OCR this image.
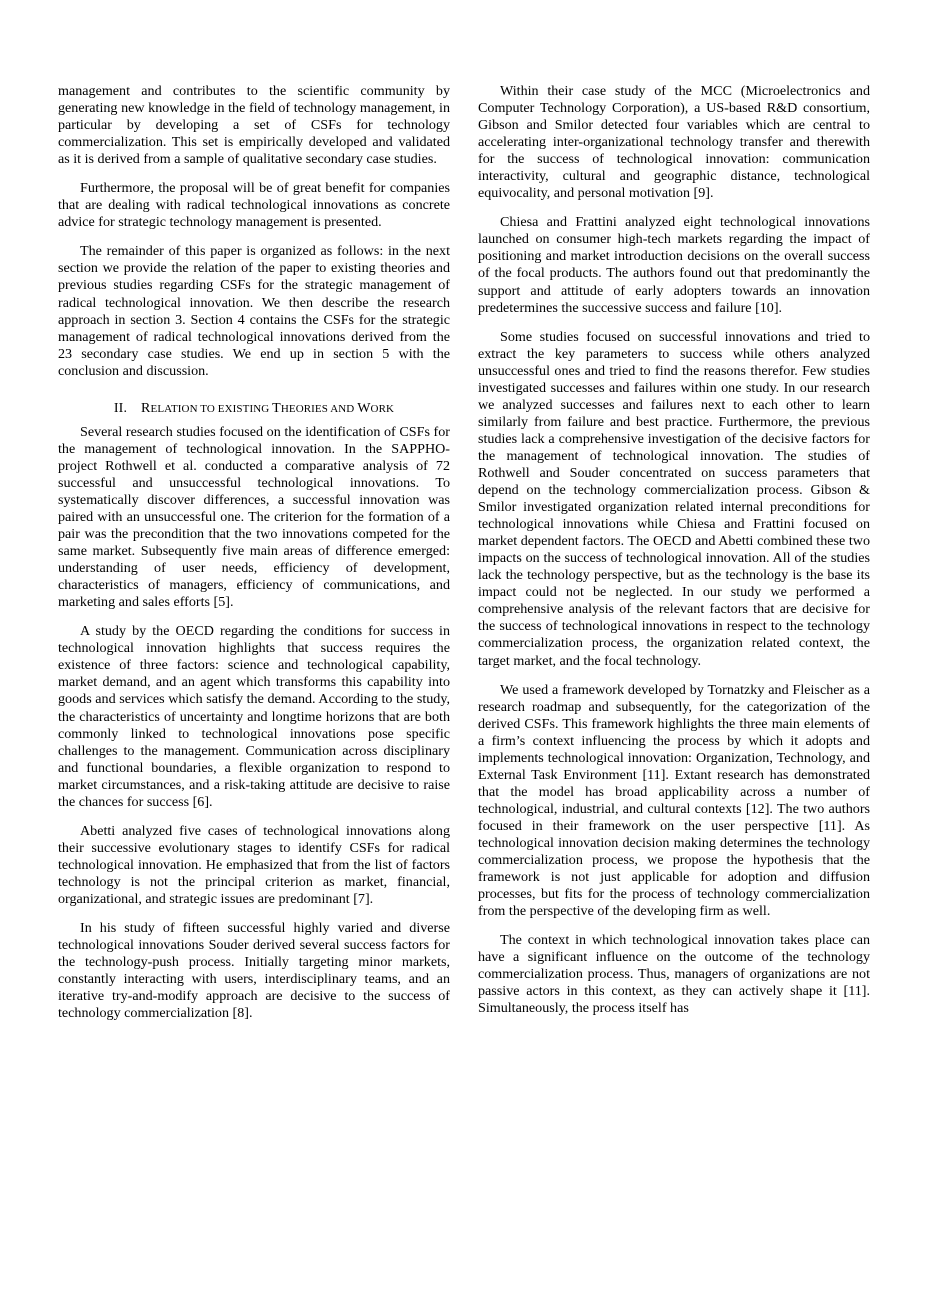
management and contributes to the scientific community by generating new knowledge in the field of technology management, in particular by developing a set of CSFs for technology commercialization. This set is empirically developed and validated as it is derived from a sample of qualitative secondary case studies.

Furthermore, the proposal will be of great benefit for companies that are dealing with radical technological innovations as concrete advice for strategic technology management is presented.

The remainder of this paper is organized as follows: in the next section we provide the relation of the paper to existing theories and previous studies regarding CSFs for the strategic management of radical technological innovation. We then describe the research approach in section 3. Section 4 contains the CSFs for the strategic management of radical technological innovations derived from the 23 secondary case studies. We end up in section 5 with the conclusion and discussion.

II. RELATION TO EXISTING THEORIES AND WORK

Several research studies focused on the identification of CSFs for the management of technological innovation. In the SAPPHO-project Rothwell et al. conducted a comparative analysis of 72 successful and unsuccessful technological innovations. To systematically discover differences, a successful innovation was paired with an unsuccessful one. The criterion for the formation of a pair was the precondition that the two innovations competed for the same market. Subsequently five main areas of difference emerged: understanding of user needs, efficiency of development, characteristics of managers, efficiency of communications, and marketing and sales efforts [5].

A study by the OECD regarding the conditions for success in technological innovation highlights that success requires the existence of three factors: science and technological capability, market demand, and an agent which transforms this capability into goods and services which satisfy the demand. According to the study, the characteristics of uncertainty and longtime horizons that are both commonly linked to technological innovations pose specific challenges to the management. Communication across disciplinary and functional boundaries, a flexible organization to respond to market circumstances, and a risk-taking attitude are decisive to raise the chances for success [6].

Abetti analyzed five cases of technological innovations along their successive evolutionary stages to identify CSFs for radical technological innovation. He emphasized that from the list of factors technology is not the principal criterion as market, financial, organizational, and strategic issues are predominant [7].

In his study of fifteen successful highly varied and diverse technological innovations Souder derived several success factors for the technology-push process. Initially targeting minor markets, constantly interacting with users, interdisciplinary teams, and an iterative try-and-modify approach are decisive to the success of technology commercialization [8].

Within their case study of the MCC (Microelectronics and Computer Technology Corporation), a US-based R&D consortium, Gibson and Smilor detected four variables which are central to accelerating inter-organizational technology transfer and therewith for the success of technological innovation: communication interactivity, cultural and geographic distance, technological equivocality, and personal motivation [9].

Chiesa and Frattini analyzed eight technological innovations launched on consumer high-tech markets regarding the impact of positioning and market introduction decisions on the overall success of the focal products. The authors found out that predominantly the support and attitude of early adopters towards an innovation predetermines the successive success and failure [10].

Some studies focused on successful innovations and tried to extract the key parameters to success while others analyzed unsuccessful ones and tried to find the reasons therefor. Few studies investigated successes and failures within one study. In our research we analyzed successes and failures next to each other to learn similarly from failure and best practice. Furthermore, the previous studies lack a comprehensive investigation of the decisive factors for the management of technological innovation. The studies of Rothwell and Souder concentrated on success parameters that depend on the technology commercialization process. Gibson & Smilor investigated organization related internal preconditions for technological innovations while Chiesa and Frattini focused on market dependent factors. The OECD and Abetti combined these two impacts on the success of technological innovation. All of the studies lack the technology perspective, but as the technology is the base its impact could not be neglected. In our study we performed a comprehensive analysis of the relevant factors that are decisive for the success of technological innovations in respect to the technology commercialization process, the organization related context, the target market, and the focal technology.

We used a framework developed by Tornatzky and Fleischer as a research roadmap and subsequently, for the categorization of the derived CSFs. This framework highlights the three main elements of a firm’s context influencing the process by which it adopts and implements technological innovation: Organization, Technology, and External Task Environment [11]. Extant research has demonstrated that the model has broad applicability across a number of technological, industrial, and cultural contexts [12]. The two authors focused in their framework on the user perspective [11]. As technological innovation decision making determines the technology commercialization process, we propose the hypothesis that the framework is not just applicable for adoption and diffusion processes, but fits for the process of technology commercialization from the perspective of the developing firm as well.

The context in which technological innovation takes place can have a significant influence on the outcome of the technology commercialization process. Thus, managers of organizations are not passive actors in this context, as they can actively shape it [11]. Simultaneously, the process itself has
